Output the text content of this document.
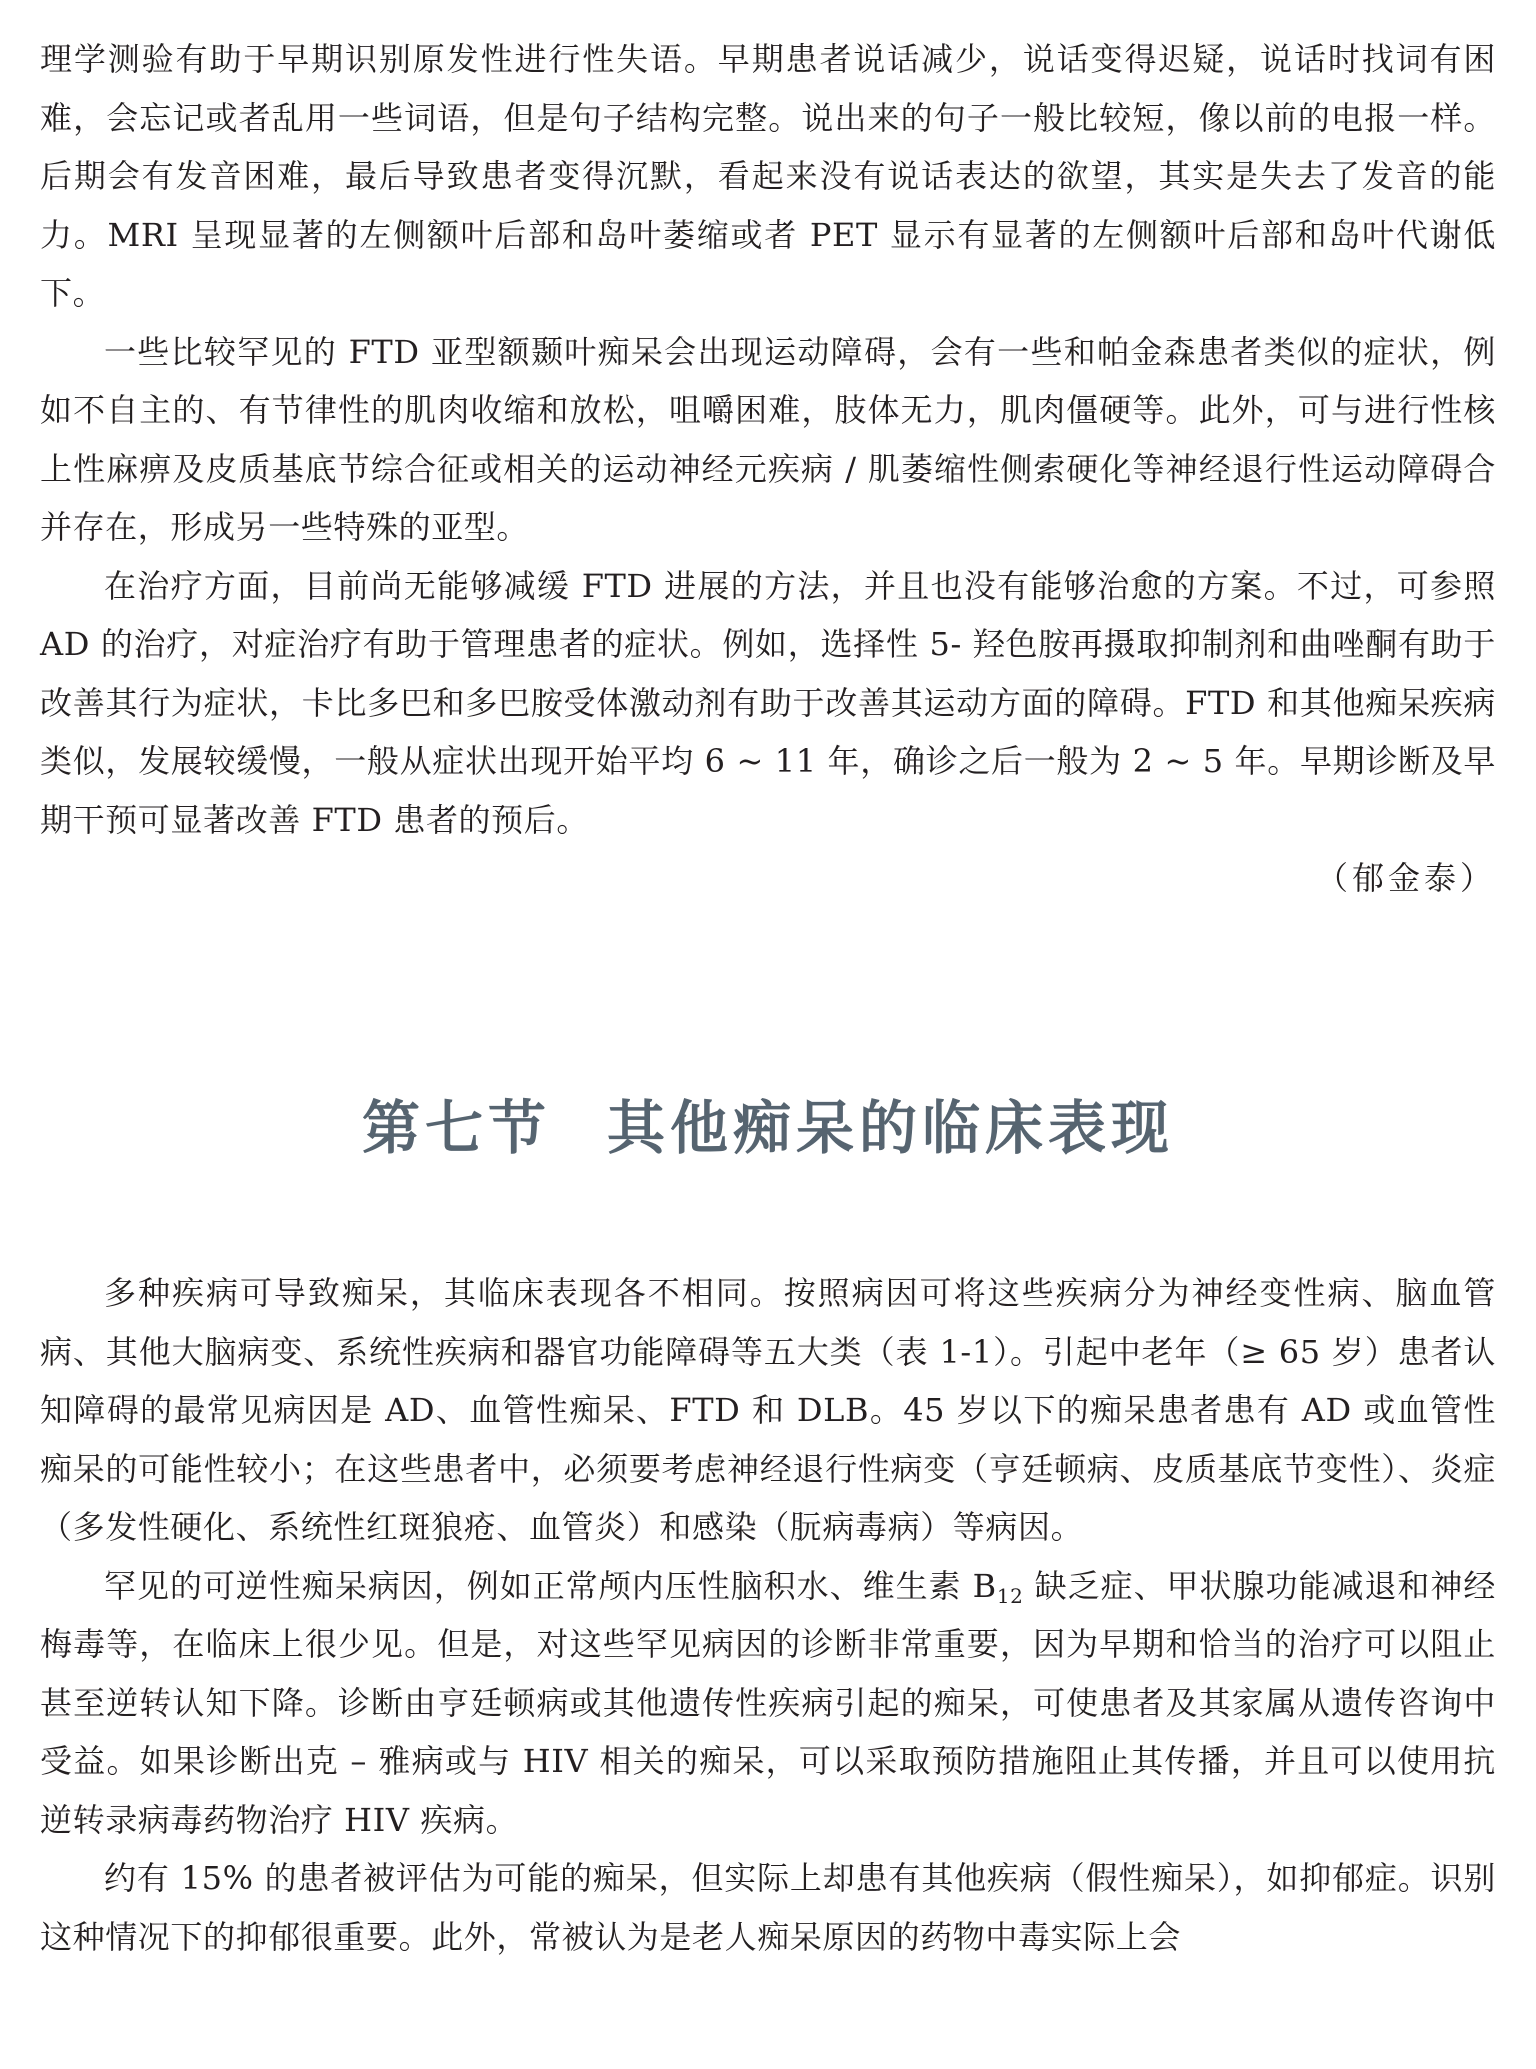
理学测验有助于早期识别原发性进行性失语。早期患者说话减少，说话变得迟疑，说话时找词有困难，会忘记或者乱用一些词语，但是句子结构完整。说出来的句子一般比较短，像以前的电报一样。后期会有发音困难，最后导致患者变得沉默，看起来没有说话表达的欲望，其实是失去了发音的能力。MRI 呈现显著的左侧额叶后部和岛叶萎缩或者 PET 显示有显著的左侧额叶后部和岛叶代谢低下。

一些比较罕见的 FTD 亚型额颞叶痴呆会出现运动障碍，会有一些和帕金森患者类似的症状，例如不自主的、有节律性的肌肉收缩和放松，咀嚼困难，肢体无力，肌肉僵硬等。此外，可与进行性核上性麻痹及皮质基底节综合征或相关的运动神经元疾病 / 肌萎缩性侧索硬化等神经退行性运动障碍合并存在，形成另一些特殊的亚型。

在治疗方面，目前尚无能够减缓 FTD 进展的方法，并且也没有能够治愈的方案。不过，可参照 AD 的治疗，对症治疗有助于管理患者的症状。例如，选择性 5- 羟色胺再摄取抑制剂和曲唑酮有助于改善其行为症状，卡比多巴和多巴胺受体激动剂有助于改善其运动方面的障碍。FTD 和其他痴呆疾病类似，发展较缓慢，一般从症状出现开始平均 6 ~ 11 年，确诊之后一般为 2 ~ 5 年。早期诊断及早期干预可显著改善 FTD 患者的预后。

（郁金泰）

第七节 其他痴呆的临床表现

多种疾病可导致痴呆，其临床表现各不相同。按照病因可将这些疾病分为神经变性病、脑血管病、其他大脑病变、系统性疾病和器官功能障碍等五大类（表 1-1）。引起中老年（≥ 65 岁）患者认知障碍的最常见病因是 AD、血管性痴呆、FTD 和 DLB。45 岁以下的痴呆患者患有 AD 或血管性痴呆的可能性较小；在这些患者中，必须要考虑神经退行性病变（亨廷顿病、皮质基底节变性）、炎症（多发性硬化、系统性红斑狼疮、血管炎）和感染（朊病毒病）等病因。

罕见的可逆性痴呆病因，例如正常颅内压性脑积水、维生素 $B_{12}$ 缺乏症、甲状腺功能减退和神经梅毒等，在临床上很少见。但是，对这些罕见病因的诊断非常重要，因为早期和恰当的治疗可以阻止甚至逆转认知下降。诊断由亨廷顿病或其他遗传性疾病引起的痴呆，可使患者及其家属从遗传咨询中受益。如果诊断出克 – 雅病或与 HIV 相关的痴呆，可以采取预防措施阻止其传播，并且可以使用抗逆转录病毒药物治疗 HIV 疾病。

约有 15% 的患者被评估为可能的痴呆，但实际上却患有其他疾病（假性痴呆），如抑郁症。识别这种情况下的抑郁很重要。此外，常被认为是老人痴呆原因的药物中毒实际上会
